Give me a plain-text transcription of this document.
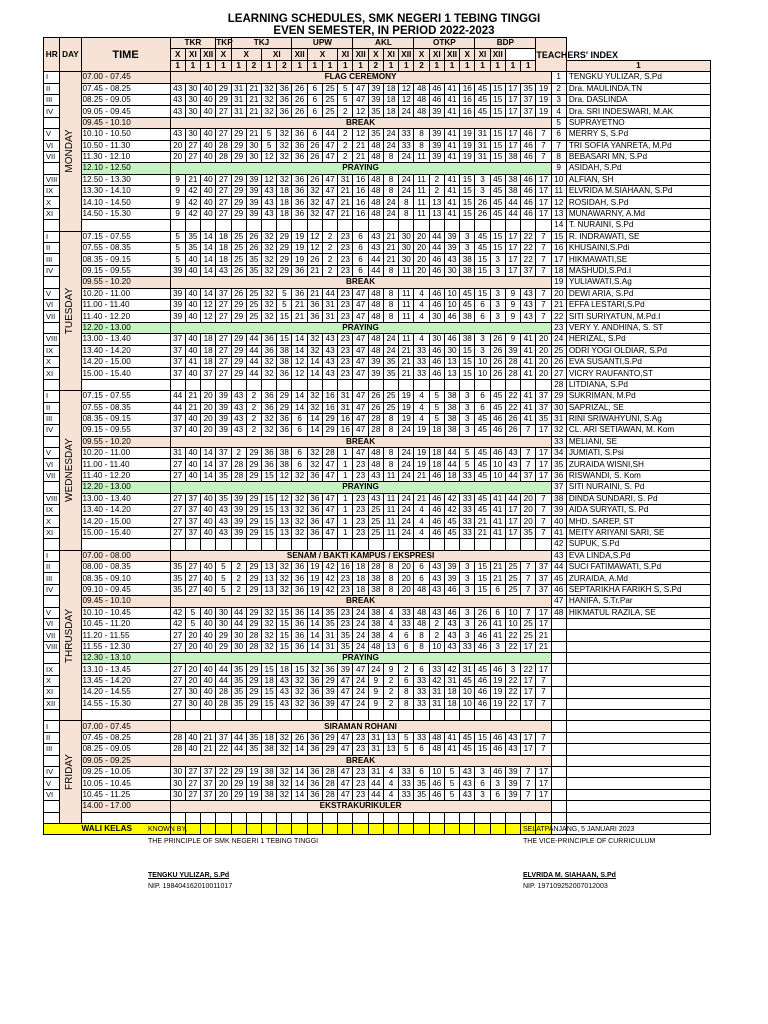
LEARNING SCHEDULES, SMK NEGERI 1 TEBING TINGGI
EVEN SEMESTER, IN PERIOD 2022-2023
HR	DAY	TIME	TKR			TKP	TKJ				UPW				AKL				OTKP				BDP				TEACHERS' INDEX		
			X	XI	XII	X	X		XI		XII	X		XI	XII	X	XI	XII	X	XI	XII	X	XI	XII					
			1	1	1	1	1	2	1	2	1	1	1	1	1	2	1	1	2	1	1	1	1	1	1	1			1
I	MONDAY	07.00 - 07.45	FLAG CEREMONY																									1	TENGKU YULIZAR, S.Pd
II		07.45 - 08.25	43	30	40	29	31	21	32	36	26	6	25	5	47	39	18	12	48	46	41	16	45	15	17	35	19	2	Dra. MAULINDA.TN
III		08.25 - 09.05	43	30	40	29	31	21	32	36	26	6	25	5	47	39	18	12	48	46	41	16	45	15	17	37	19	3	Dra. DASLINDA
IV		09.05 - 09.45	43	30	40	27	31	21	32	36	26	6	25	2	12	35	18	24	48	39	41	16	45	15	17	37	19	4	Dra. SRI INDESWARI, M.AK
		09.45 - 10.10	BREAK																									5	SUPRAYETNO
V		10.10 - 10.50	43	30	40	27	29	21	5	32	36	6	44	2	12	35	24	33	8	39	41	19	31	15	17	46	7	6	MERRY S, S.Pd
VI		10.50 - 11.30	20	27	40	28	29	30	5	32	36	26	47	2	21	48	24	33	8	39	41	19	31	15	17	46	7	7	TRI SOFIA YANRETA, M.Pd
VII		11.30 - 12.10	20	27	40	28	29	30	12	32	36	26	47	2	21	48	8	24	11	39	41	19	31	15	38	46	7	8	BEBASARI MN, S.Pd
		12.10 - 12.50	PRAYING																									9	ASIDAH, S.Pd
VIII		12.50 - 13.30	9	21	40	27	29	39	12	32	36	26	47	31	16	48	8	24	11	2	41	15	3	45	38	46	17	10	ALFIAN, SH
IX		13.30 - 14.10	9	42	40	27	29	39	43	18	36	32	47	21	16	48	8	24	11	2	41	15	3	45	38	46	17	11	ELVRIDA M.SIAHAAN, S.Pd
X		14.10 - 14.50	9	42	40	27	29	39	43	18	36	32	47	21	16	48	24	8	11	13	41	15	26	45	44	46	17	12	ROSIDAH, S.Pd
XI		14.50 - 15.30	9	42	40	27	29	39	43	18	36	32	47	21	16	48	24	8	11	13	41	15	26	45	44	46	17	13	MUNAWARNY, A.Md
																												14	T. NURAINI, S.Pd
I	TUESDAY	07.15 - 07.55	5	35	14	18	25	26	32	29	19	12	2	23	6	43	21	30	20	44	39	3	45	15	17	22	7	15	R. INDRAWATI, SE
II		07.55 - 08.35	5	35	14	18	25	26	32	29	19	12	2	23	6	43	21	30	20	44	39	3	45	15	17	22	7	16	KHUSAINI,S.Pdi
III		08.35 - 09.15	5	40	14	18	25	35	32	29	19	26	2	23	6	44	21	30	20	46	43	38	15	3	17	22	7	17	HIKMAWATI,SE
IV		09.15 - 09.55	39	40	14	43	26	35	32	29	36	21	2	23	6	44	8	11	20	46	30	38	15	3	17	37	7	18	MASHUDI,S.Pd.I
		09.55 - 10.20	BREAK																									19	YULIAWATI,S.Ag
V		10.20 - 11.00	39	40	14	37	26	25	32	5	36	21	44	23	47	48	8	11	4	46	10	45	15	3	9	43	7	20	DEWI ARIA, S.Pd
VI		11.00 - 11.40	39	40	12	27	29	25	32	5	21	36	31	23	47	48	8	11	4	46	10	45	6	3	9	43	7	21	EFFA LESTARI,S.Pd
VII		11.40 - 12.20	39	40	12	27	29	25	32	15	21	36	31	23	47	48	8	11	4	30	46	38	6	3	9	43	7	22	SITI SURIYATUN, M.Pd.I
		12.20 - 13.00	PRAYING																									23	VERY Y. ANDHINA, S. ST
VIII		13.00 - 13.40	37	40	18	27	29	44	36	15	14	32	43	23	47	48	24	11	4	30	46	38	3	26	9	41	20	24	HERIZAL, S.Pd
IX		13.40 - 14.20	37	40	18	27	29	44	36	38	14	32	43	23	47	48	24	21	33	46	30	15	3	26	39	41	20	25	ODRI YOGI OLDIAR, S.Pd
X		14.20 - 15.00	37	41	18	27	29	44	32	38	12	14	43	23	47	39	35	21	33	46	13	15	10	26	28	41	20	26	EVA SUSANTI,S.Pd
XI		15.00 - 15.40	37	40	37	27	29	44	32	36	12	14	43	23	47	39	35	21	33	46	13	15	10	26	28	41	20	27	VICRY RAUFANTO,ST
																												28	LITDIANA, S.Pd
I	WEDNESDAY	07.15 - 07.55	44	21	20	39	43	2	36	29	14	32	16	31	47	26	25	19	4	5	38	3	6	45	22	41	37	29	SUKRIMAN, M.Pd
II		07.55 - 08.35	44	21	20	39	43	2	36	29	14	32	16	31	47	26	25	19	4	5	38	3	6	45	22	41	37	30	SAPRIZAL, SE
III		08.35 - 09.15	37	40	20	39	43	2	32	36	6	14	29	16	47	28	8	19	4	5	38	3	45	46	26	41	35	31	RINI SRIWAHYUNI, S.Ag
IV		09.15 - 09.55	37	40	20	39	43	2	32	36	6	14	29	16	47	28	8	24	19	18	38	3	45	46	26	7	17	32	CL. ARI SETIAWAN, M. Kom
		09.55 - 10.20	BREAK																									33	MELIANI, SE
V		10.20 - 11.00	31	40	14	37	2	29	36	38	6	32	28	1	47	48	8	24	19	18	44	5	45	46	43	7	17	34	JUMIATI, S.Psi
VI		11.00 - 11.40	27	40	14	37	28	29	36	38	6	32	47	1	23	48	8	24	19	18	44	5	45	10	43	7	17	35	ZURAIDA WISNI,SH
VII		11.40 - 12.20	27	40	14	35	28	29	15	12	32	36	47	1	23	43	11	24	21	46	18	33	45	10	44	37	17	36	RISWANDI, S. Kom
		12.20 - 13.00	PRAYING																									37	SITI NURAINI, S. Pd
VIII		13.00 - 13.40	27	37	40	35	39	29	15	12	32	36	47	1	23	43	11	24	21	46	42	33	45	41	44	20	7	38	DINDA SUNDARI, S. Pd
IX		13.40 - 14.20	27	37	40	43	39	29	15	13	32	36	47	1	23	25	11	24	4	46	42	33	45	41	17	20	7	39	AIDA SURYATI, S. Pd
X		14.20 - 15.00	27	37	40	43	39	29	15	13	32	36	47	1	23	25	11	24	4	46	45	33	21	41	17	20	7	40	MHD. SAREP, ST
XI		15.00 - 15.40	27	37	40	43	39	29	15	13	32	36	47	1	23	25	11	24	4	46	45	33	21	41	17	35	7	41	MEITY ARIYANI SARI, SE
																												42	SUPUK, S.Pd
I	THRUSDAY	07.00 - 08.00	SENAM / BAKTI KAMPUS / EKSPRESI																									43	EVA LINDA,S.Pd
II		08.00 - 08.35	35	27	40	5	2	29	13	32	36	19	42	16	18	28	8	20	6	43	39	3	15	21	25	7	37	44	SUCI FATIMAWATI, S.Pd
III		08.35 - 09.10	35	27	40	5	2	29	13	32	36	19	42	23	18	38	8	20	6	43	39	3	15	21	25	7	37	45	ZURAIDA, A.Md
IV		09.10 - 09.45	35	27	40	5	2	29	13	32	36	19	42	23	18	38	8	20	48	43	46	3	15	6	25	7	37	46	SEPTARIKHA FARIKH S, S.Pd
		09.45 - 10.10	BREAK																									47	HANIFA, S.Tr.Par
V		10.10 - 10.45	42	5	40	30	44	29	32	15	36	14	35	23	24	38	4	33	48	43	46	3	26	6	10	7	17	48	HIKMATUL RAZILA, SE
VI		10.45 - 11.20	42	5	40	30	44	29	32	15	36	14	35	23	24	38	4	33	48	2	43	3	26	41	10	25	17		
VII		11.20 - 11.55	27	20	40	29	30	28	32	15	36	14	31	35	24	38	4	6	8	2	43	3	46	41	22	25	21		
VIII		11.55 - 12.30	27	20	40	29	30	28	32	15	36	14	31	35	24	48	13	6	8	10	43	33	46	3	22	17	21		
		12.30 - 13.10	PRAYING																										
IX		13.10 - 13.45	27	20	40	44	35	29	15	18	15	32	36	39	47	24	9	2	6	33	42	31	45	46	3	22	17		
X		13.45 - 14.20	27	20	40	44	35	29	18	43	32	36	29	47	24	9	2	6	33	42	31	45	46	19	22	17	7		
XI		14.20 - 14.55	27	30	40	28	35	29	15	43	32	36	39	47	24	9	2	8	33	31	18	10	46	19	22	17	7		
XII		14.55 - 15.30	27	30	40	28	35	29	15	43	32	36	39	47	24	9	2	8	33	31	18	10	46	19	22	17	7		

I	FRIDAY	07.00 - 07.45	SIRAMAN ROHANI																										
II		07.45 - 08.25	28	40	21	37	44	35	18	32	26	36	29	47	23	31	13	5	33	48	41	45	15	46	43	17	7		
III		08.25 - 09.05	28	40	21	22	44	35	38	32	14	36	29	47	23	31	13	5	6	48	41	45	15	46	43	17	7		
		09.05 - 09.25	BREAK																										
IV		09.25 - 10.05	30	27	37	22	29	19	38	32	14	36	28	47	23	31	4	33	6	10	5	43	3	46	39	7	17		
V		10.05 - 10.45	30	27	37	20	29	19	38	32	14	36	28	47	23	44	4	33	35	46	5	43	6	3	39	7	17		
VI		10.45 - 11.25	30	27	37	20	29	19	38	32	14	36	28	47	23	44	4	33	35	46	5	43	3	6	39	7	17		
		14.00 - 17.00	EKSTRAKURIKULER																										

WALI KELAS																													KNOWN BY,
THE PRINCIPLE OF SMK NEGERI 1 TEBING TINGGI
TENGKU YULIZAR, S.Pd
NIP. 198404162010011017
SELATPANJANG, 5 JANUARI 2023
THE VICE-PRINCIPLE OF CURRICULUM
ELVRIDA M. SIAHAAN, S.Pd
NIP. 197109252007012003
